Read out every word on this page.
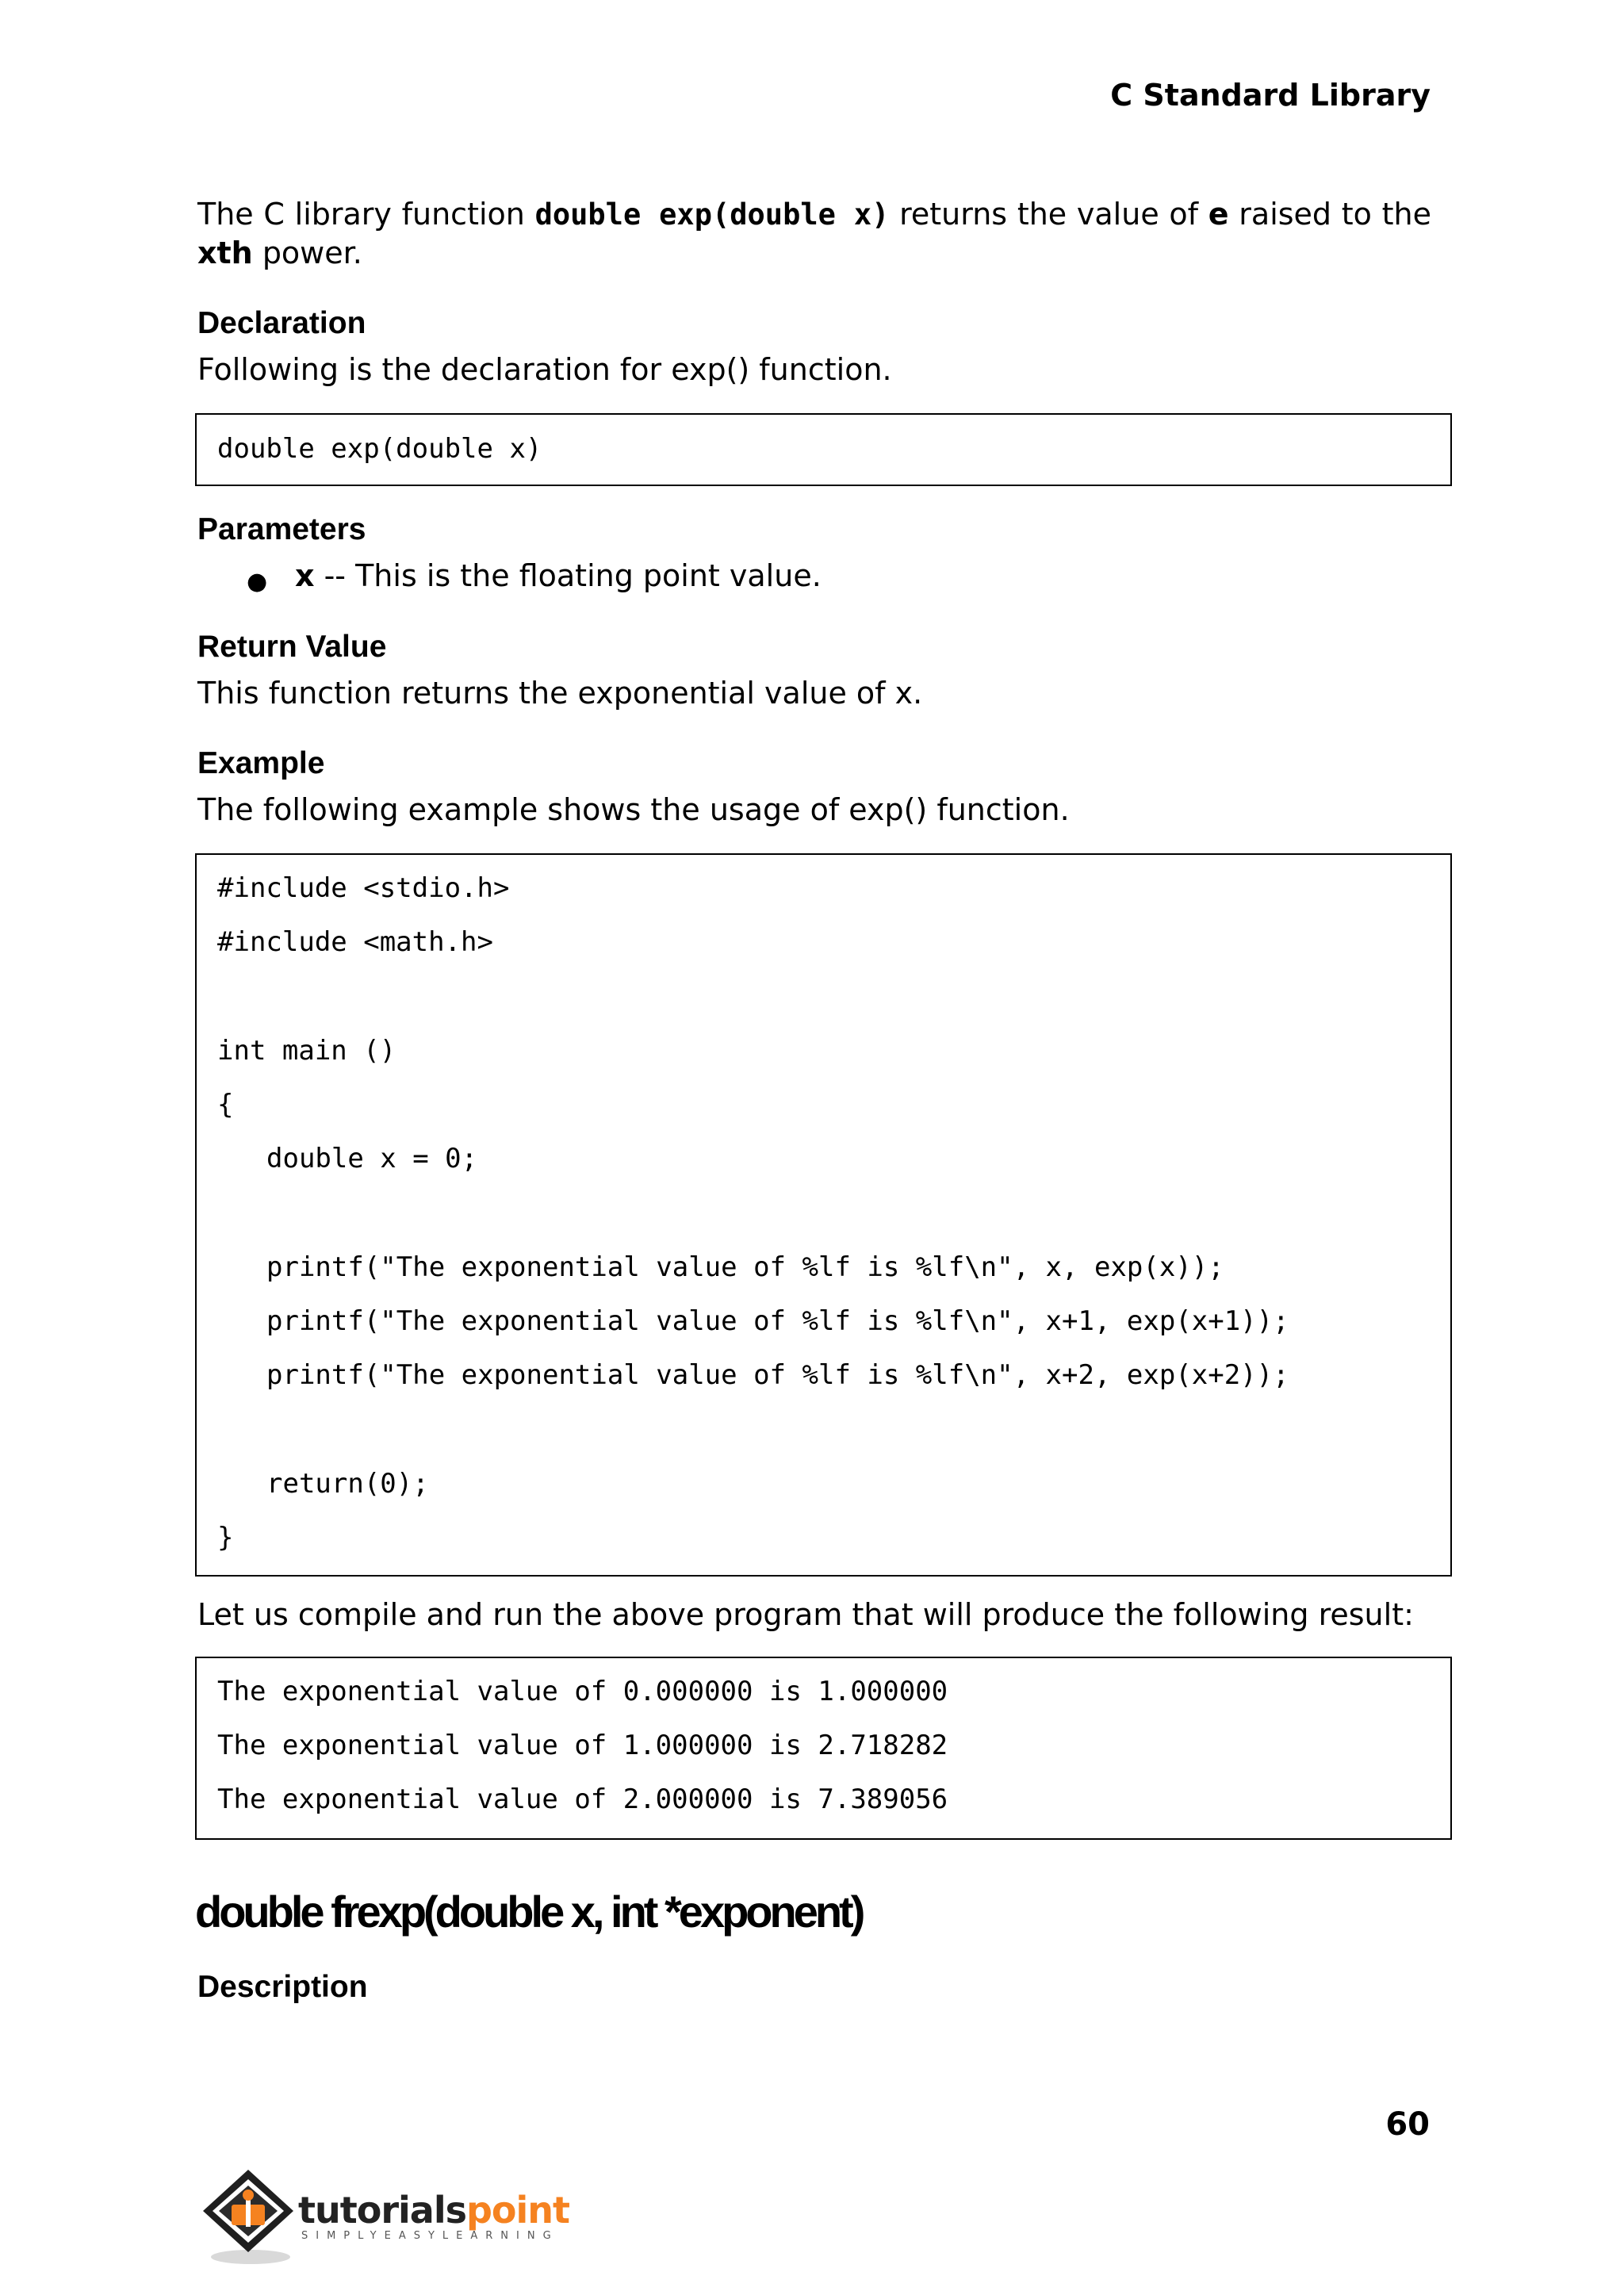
C Standard Library
The C library function double exp(double x) returns the value of e raised to the xth power.
Declaration
Following is the declaration for exp() function.
double exp(double x)
Parameters
● x -- This is the floating point value.
Return Value
This function returns the exponential value of x.
Example
The following example shows the usage of exp() function.
#include <stdio.h>
#include <math.h>
int main ()
{
double x = 0;
printf("The exponential value of %lf is %lf\n", x, exp(x));
printf("The exponential value of %lf is %lf\n", x+1, exp(x+1));
printf("The exponential value of %lf is %lf\n", x+2, exp(x+2));
return(0);
}
Let us compile and run the above program that will produce the following result:
The exponential value of 0.000000 is 1.000000
The exponential value of 1.000000 is 2.718282
The exponential value of 2.000000 is 7.389056
double frexp(double x, int *exponent)
Description
60
tutorialspoint
SIMPLYEASYLEARNING
